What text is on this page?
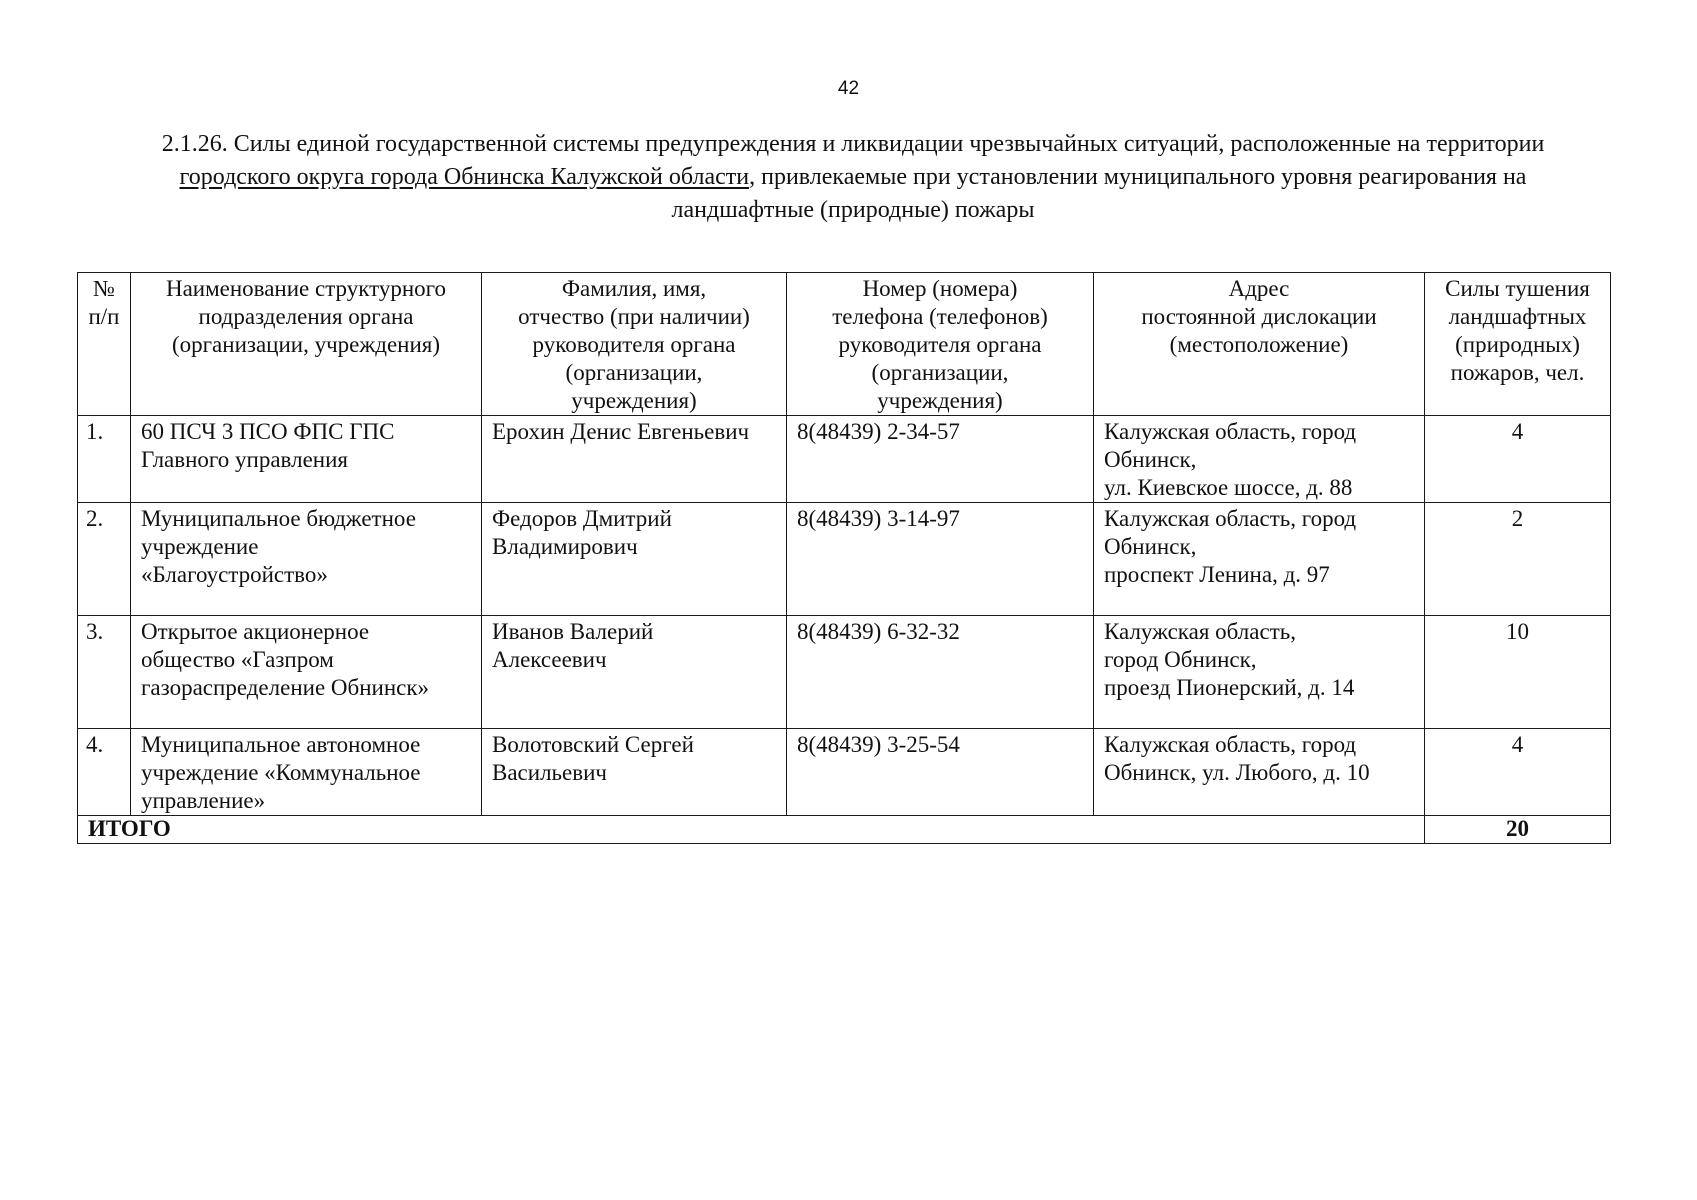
42
2.1.26. Силы единой государственной системы предупреждения и ликвидации чрезвычайных ситуаций, расположенные на территории городского округа города Обнинска Калужской области, привлекаемые при установлении муниципального уровня реагирования на ландшафтные (природные) пожары
№
п/п	Наименование структурного
подразделения органа
(организации, учреждения)	Фамилия, имя,
отчество (при наличии)
руководителя органа
(организации,
учреждения)	Номер (номера)
телефона (телефонов)
руководителя органа
(организации,
учреждения)	Адрес
постоянной дислокации
(местоположение)	Силы тушения
ландшафтных
(природных)
пожаров, чел.
1.	60 ПСЧ 3 ПСО ФПС ГПС
Главного управления	Ерохин Денис Евгеньевич	8(48439) 2-34-57	Калужская область, город
Обнинск,
ул. Киевское шоссе, д. 88	4
2.	Муниципальное бюджетное
учреждение
«Благоустройство»	Федоров Дмитрий
Владимирович	8(48439) 3-14-97	Калужская область, город
Обнинск,
проспект Ленина, д. 97	2
3.	Открытое акционерное
общество «Газпром
газораспределение Обнинск»	Иванов Валерий
Алексеевич	8(48439) 6-32-32	Калужская область,
город Обнинск,
проезд Пионерский, д. 14	10
4.	Муниципальное автономное
учреждение «Коммунальное
управление»	Волотовский Сергей
Васильевич	8(48439) 3-25-54	Калужская область, город
Обнинск, ул. Любого, д. 10	4
ИТОГО					20
